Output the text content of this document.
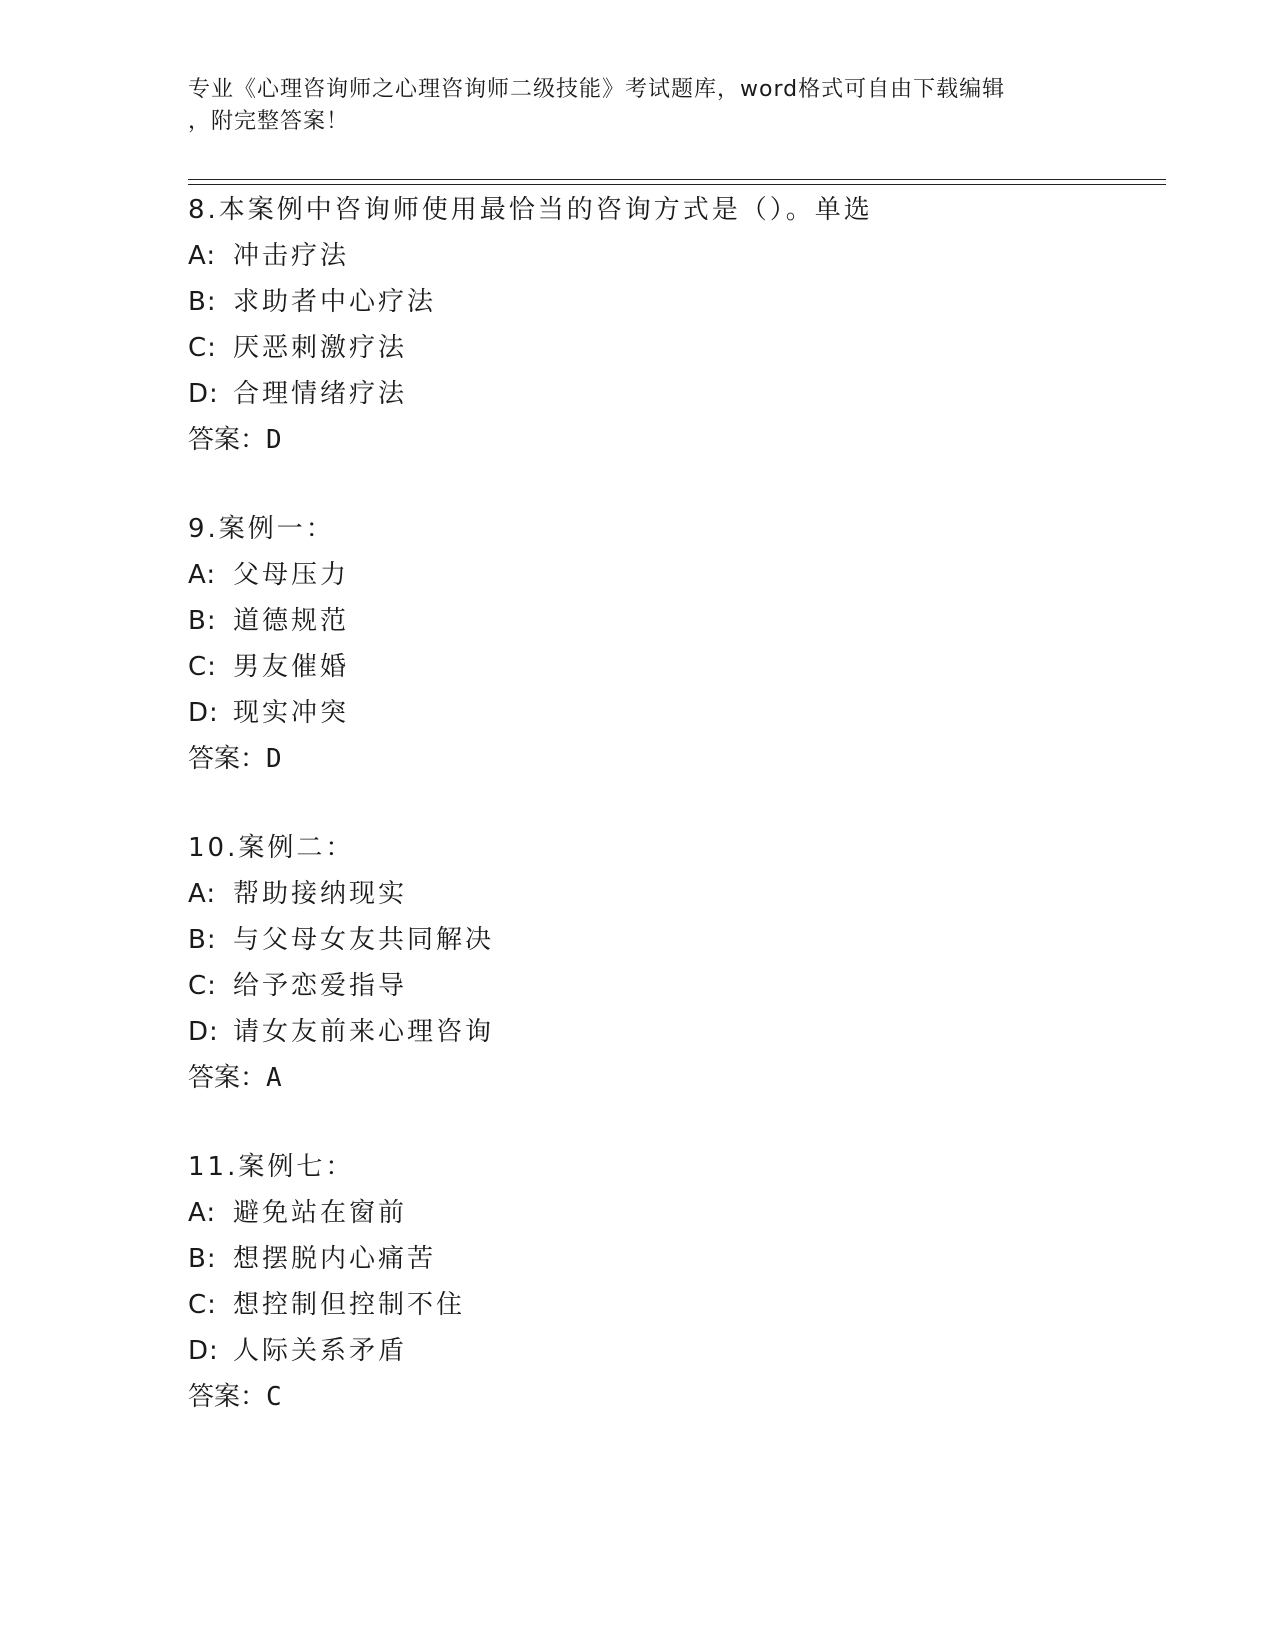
专业《心理咨询师之心理咨询师二级技能》考试题库，word格式可自由下载编辑
，附完整答案！
8.本案例中咨询师使用最恰当的咨询方式是（）。单选
A: 冲击疗法
B: 求助者中心疗法
C: 厌恶刺激疗法
D: 合理情绪疗法
答案：D
9.案例一：
A: 父母压力
B: 道德规范
C: 男友催婚
D: 现实冲突
答案：D
10.案例二：
A: 帮助接纳现实
B: 与父母女友共同解决
C: 给予恋爱指导
D: 请女友前来心理咨询
答案：A
11.案例七：
A: 避免站在窗前
B: 想摆脱内心痛苦
C: 想控制但控制不住
D: 人际关系矛盾
答案：C
